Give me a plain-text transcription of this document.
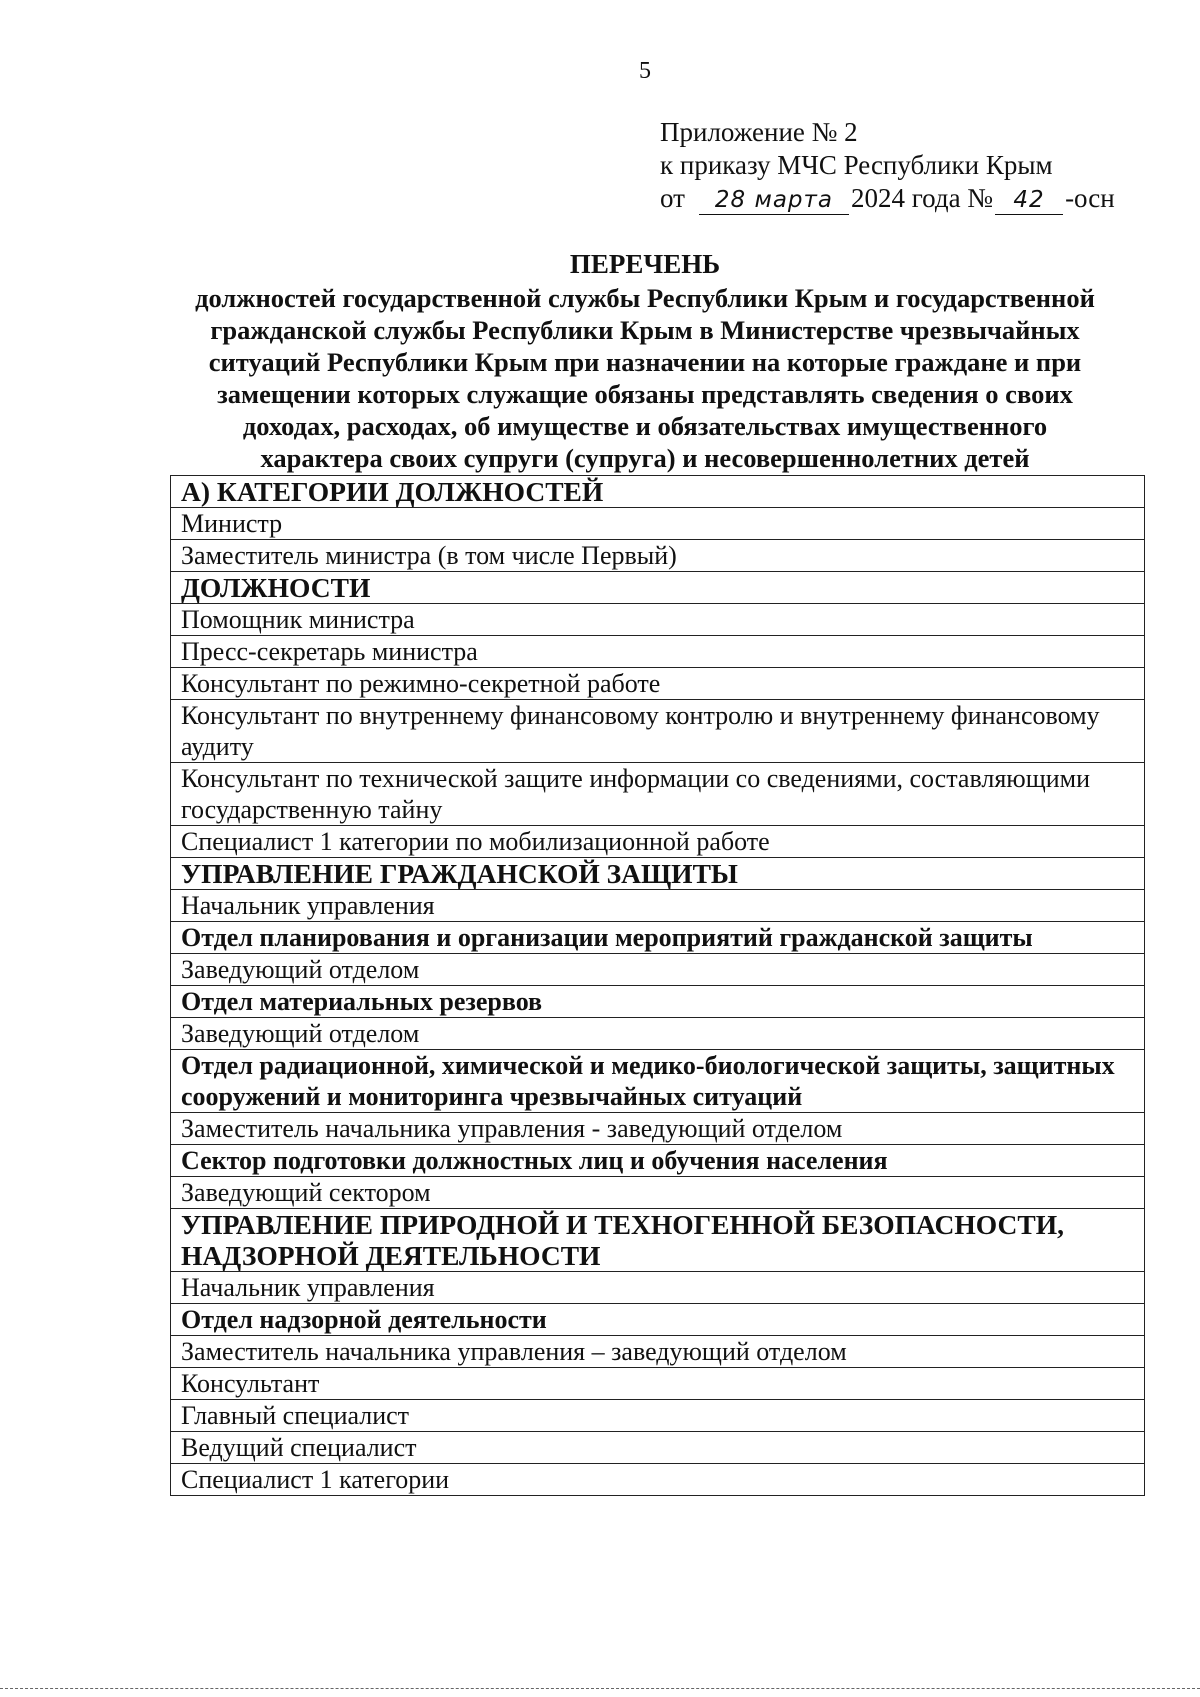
5
Приложение № 2
к приказу МЧС Республики Крым
от 28 марта 2024 года № 42 -осн
ПЕРЕЧЕНЬ
должностей государственной службы Республики Крым и государственной
гражданской службы Республики Крым в Министерстве чрезвычайных
ситуаций Республики Крым при назначении на которые граждане и при
замещении которых служащие обязаны представлять сведения о своих
доходах, расходах, об имуществе и обязательствах имущественного
характера своих супруги (супруга) и несовершеннолетних детей
А) КАТЕГОРИИ ДОЛЖНОСТЕЙ
Министр
Заместитель министра (в том числе Первый)
ДОЛЖНОСТИ
Помощник министра
Пресс-секретарь министра
Консультант по режимно-секретной работе
Консультант по внутреннему финансовому контролю и внутреннему финансовому аудиту
Консультант по технической защите информации со сведениями, составляющими государственную тайну
Специалист 1 категории по мобилизационной работе
УПРАВЛЕНИЕ ГРАЖДАНСКОЙ ЗАЩИТЫ
Начальник управления
Отдел планирования и организации мероприятий гражданской защиты
Заведующий отделом
Отдел материальных резервов
Заведующий отделом
Отдел радиационной, химической и медико-биологической защиты, защитных сооружений и мониторинга чрезвычайных ситуаций
Заместитель начальника управления - заведующий отделом
Сектор подготовки должностных лиц и обучения населения
Заведующий сектором
УПРАВЛЕНИЕ ПРИРОДНОЙ И ТЕХНОГЕННОЙ БЕЗОПАСНОСТИ, НАДЗОРНОЙ ДЕЯТЕЛЬНОСТИ
Начальник управления
Отдел надзорной деятельности
Заместитель начальника управления – заведующий отделом
Консультант
Главный специалист
Ведущий специалист
Специалист 1 категории
